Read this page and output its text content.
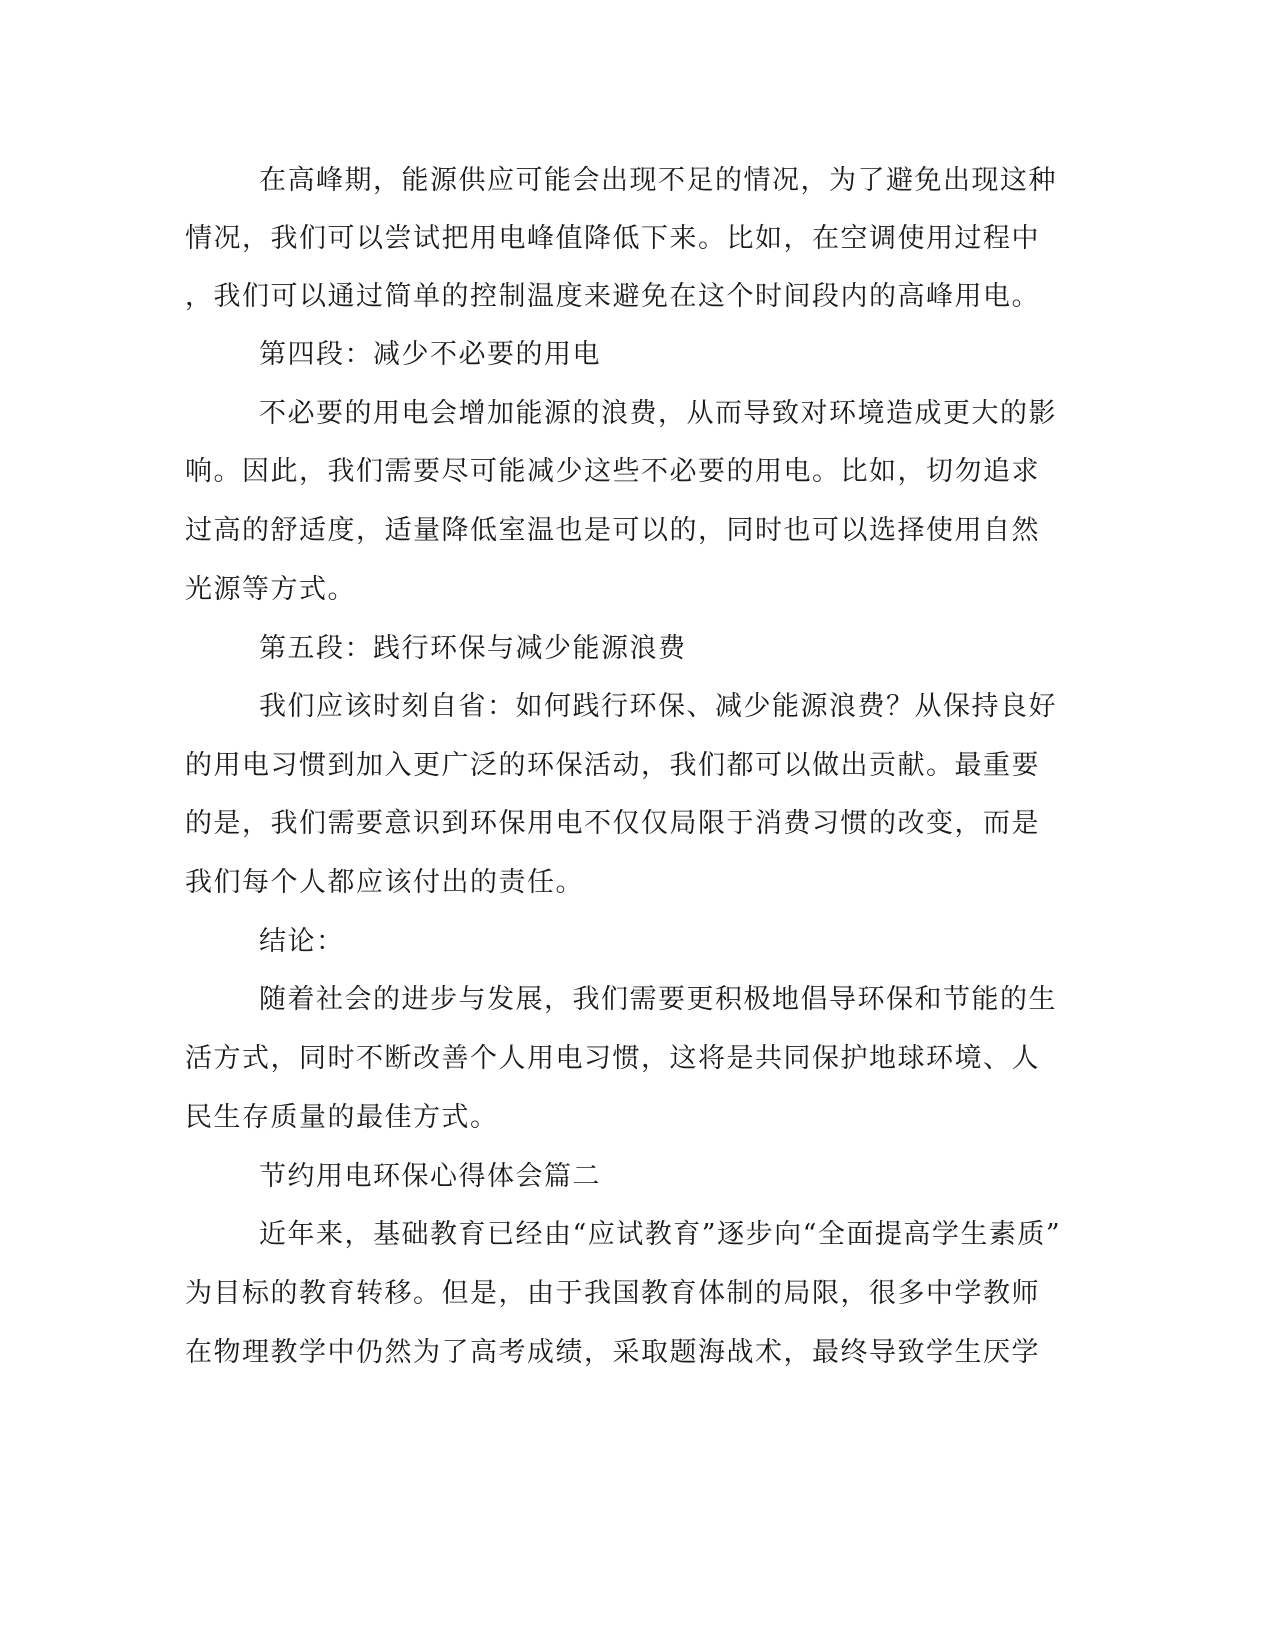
在高峰期，能源供应可能会出现不足的情况，为了避免出现这种
情况，我们可以尝试把用电峰值降低下来。比如，在空调使用过程中
，我们可以通过简单的控制温度来避免在这个时间段内的高峰用电。
第四段：减少不必要的用电
不必要的用电会增加能源的浪费，从而导致对环境造成更大的影
响。因此，我们需要尽可能减少这些不必要的用电。比如，切勿追求
过高的舒适度，适量降低室温也是可以的，同时也可以选择使用自然
光源等方式。
第五段：践行环保与减少能源浪费
我们应该时刻自省：如何践行环保、减少能源浪费？从保持良好
的用电习惯到加入更广泛的环保活动，我们都可以做出贡献。最重要
的是，我们需要意识到环保用电不仅仅局限于消费习惯的改变，而是
我们每个人都应该付出的责任。
结论：
随着社会的进步与发展，我们需要更积极地倡导环保和节能的生
活方式，同时不断改善个人用电习惯，这将是共同保护地球环境、人
民生存质量的最佳方式。
节约用电环保心得体会篇二
近年来，基础教育已经由“应试教育”逐步向“全面提高学生素质”
为目标的教育转移。但是，由于我国教育体制的局限，很多中学教师
在物理教学中仍然为了高考成绩，采取题海战术，最终导致学生厌学
